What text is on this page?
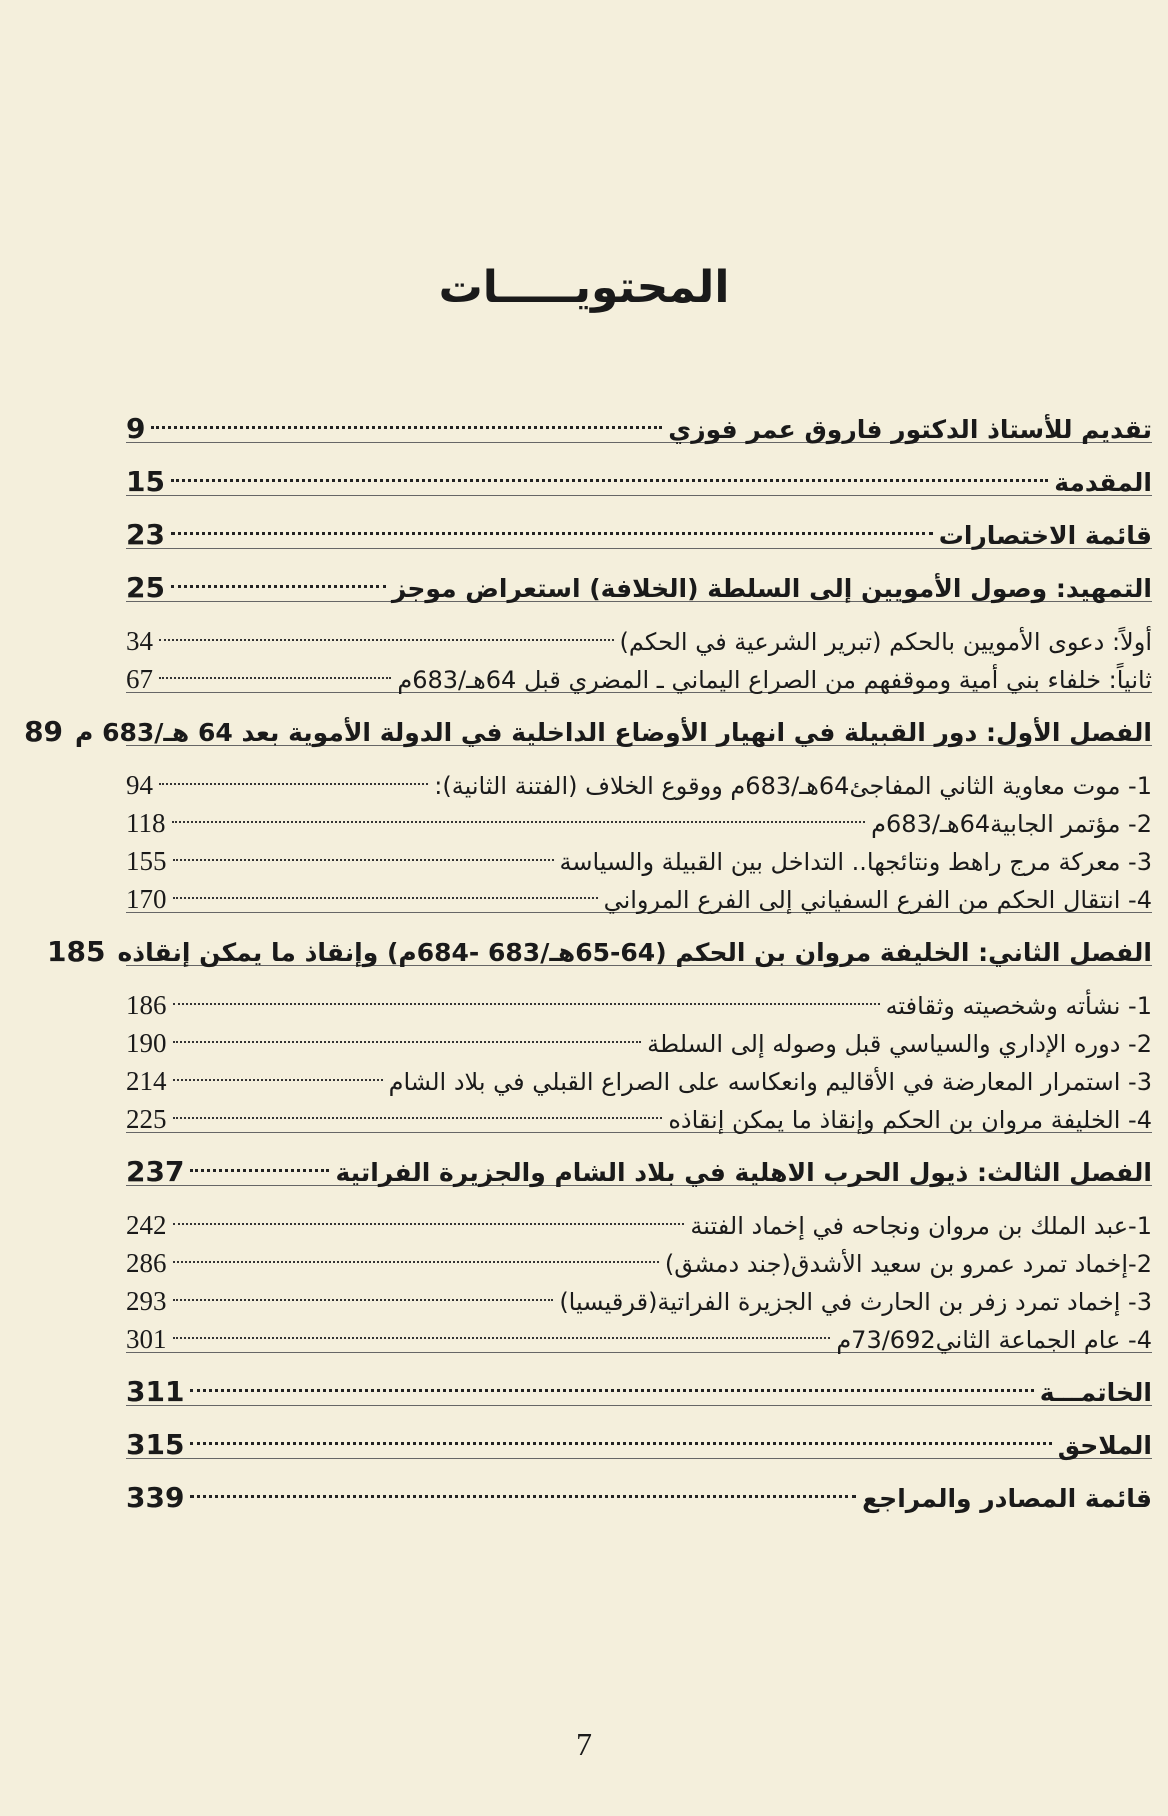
المحتويـــــات
تقديم للأستاذ الدكتور فاروق عمر فوزي
9
المقدمة
15
قائمة الاختصارات
23
التمهيد: وصول الأمويين إلى السلطة (الخلافة) استعراض موجز
25
أولاً: دعوى الأمويين بالحكم (تبرير الشرعية في الحكم)
34
ثانياً: خلفاء بني أمية وموقفهم من الصراع اليماني ـ المضري قبل 64هـ/683م
67
الفصل الأول: دور القبيلة في انهيار الأوضاع الداخلية في الدولة الأموية بعد 64 هـ/683 م
89
1- موت معاوية الثاني المفاجئ64هـ/683م ووقوع الخلاف (الفتنة الثانية):
94
2- مؤتمر الجابية64هـ/683م
118
3- معركة مرج راهط ونتائجها.. التداخل بين القبيلة والسياسة
155
4- انتقال الحكم من الفرع السفياني إلى الفرع المرواني
170
الفصل الثاني: الخليفة مروان بن الحكم (64-65هـ/683 -684م) وإنقاذ ما يمكن إنقاذه
185
1- نشأته وشخصيته وثقافته
186
2- دوره الإداري والسياسي قبل وصوله إلى السلطة
190
3- استمرار المعارضة في الأقاليم وانعكاسه على الصراع القبلي في بلاد الشام
214
4- الخليفة مروان بن الحكم وإنقاذ ما يمكن إنقاذه
225
الفصل الثالث: ذيول الحرب الاهلية في بلاد الشام والجزيرة الفراتية
237
1-عبد الملك بن مروان ونجاحه في إخماد الفتنة
242
2-إخماد تمرد عمرو بن سعيد الأشدق(جند دمشق)
286
3- إخماد تمرد زفر بن الحارث في الجزيرة الفراتية(قرقيسيا)
293
4- عام الجماعة الثاني73/692م
301
الخاتمـــة
311
الملاحق
315
قائمة المصادر والمراجع
339
7
